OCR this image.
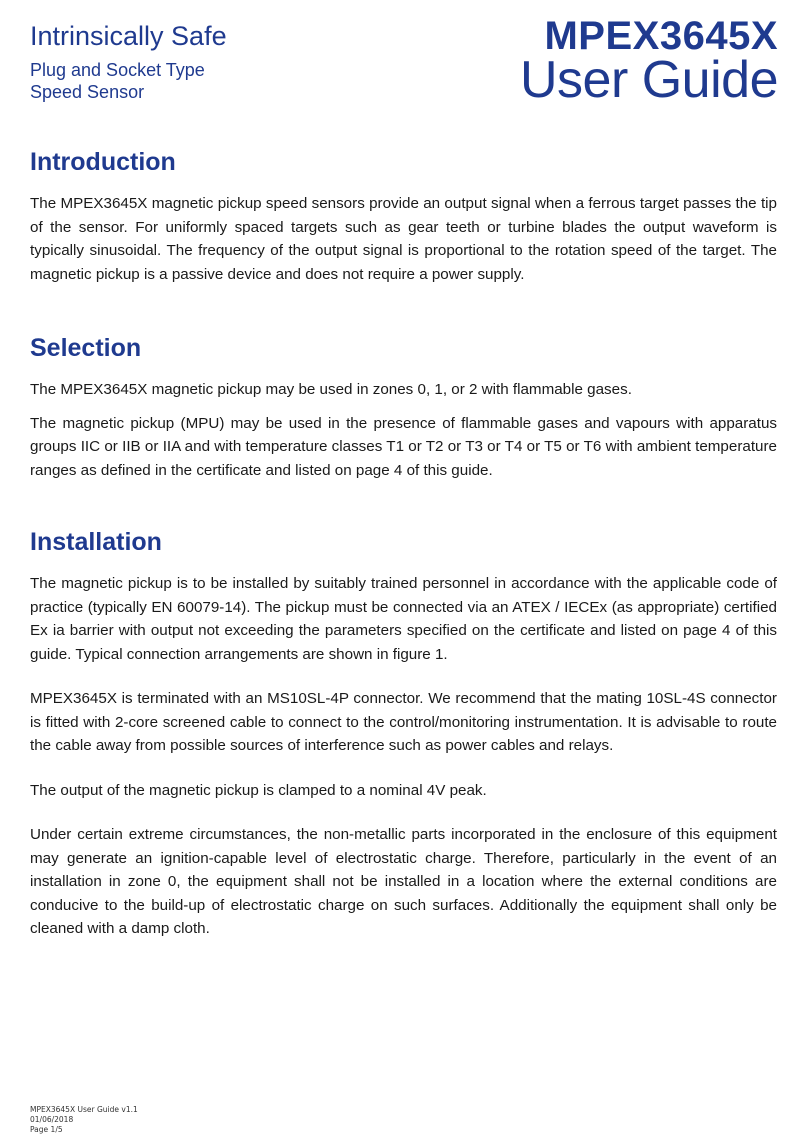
Intrinsically Safe
Plug and Socket Type
Speed Sensor
MPEX3645X
User Guide
Introduction

The MPEX3645X magnetic pickup speed sensors provide an output signal when a ferrous target passes the tip of the sensor. For uniformly spaced targets such as gear teeth or turbine blades the output waveform is typically sinusoidal. The frequency of the output signal is proportional to the rotation speed of the target. The magnetic pickup is a passive device and does not require a power supply.

Selection

The MPEX3645X magnetic pickup may be used in zones 0, 1, or 2 with flammable gases.

The magnetic pickup (MPU) may be used in the presence of flammable gases and vapours with apparatus groups IIC or IIB or IIA and with temperature classes T1 or T2 or T3 or T4 or T5 or T6 with ambient temperature ranges as defined in the certificate and listed on page 4 of this guide.

Installation

The magnetic pickup is to be installed by suitably trained personnel in accordance with the applicable code of practice (typically EN 60079-14). The pickup must be connected via an ATEX / IECEx (as appropriate) certified Ex ia barrier with output not exceeding the parameters specified on the certificate and listed on page 4 of this guide. Typical connection arrangements are shown in figure 1.

MPEX3645X is terminated with an MS10SL-4P connector. We recommend that the mating 10SL-4S connector is fitted with 2-core screened cable to connect to the control/monitoring instrumentation. It is advisable to route the cable away from possible sources of interference such as power cables and relays.

The output of the magnetic pickup is clamped to a nominal 4V peak.

Under certain extreme circumstances, the non-metallic parts incorporated in the enclosure of this equipment may generate an ignition-capable level of electrostatic charge. Therefore, particularly in the event of an installation in zone 0, the equipment shall not be installed in a location where the external conditions are conducive to the build-up of electrostatic charge on such surfaces. Additionally the equipment shall only be cleaned with a damp cloth.

MPEX3645X User Guide v1.1
01/06/2018
Page 1/5
